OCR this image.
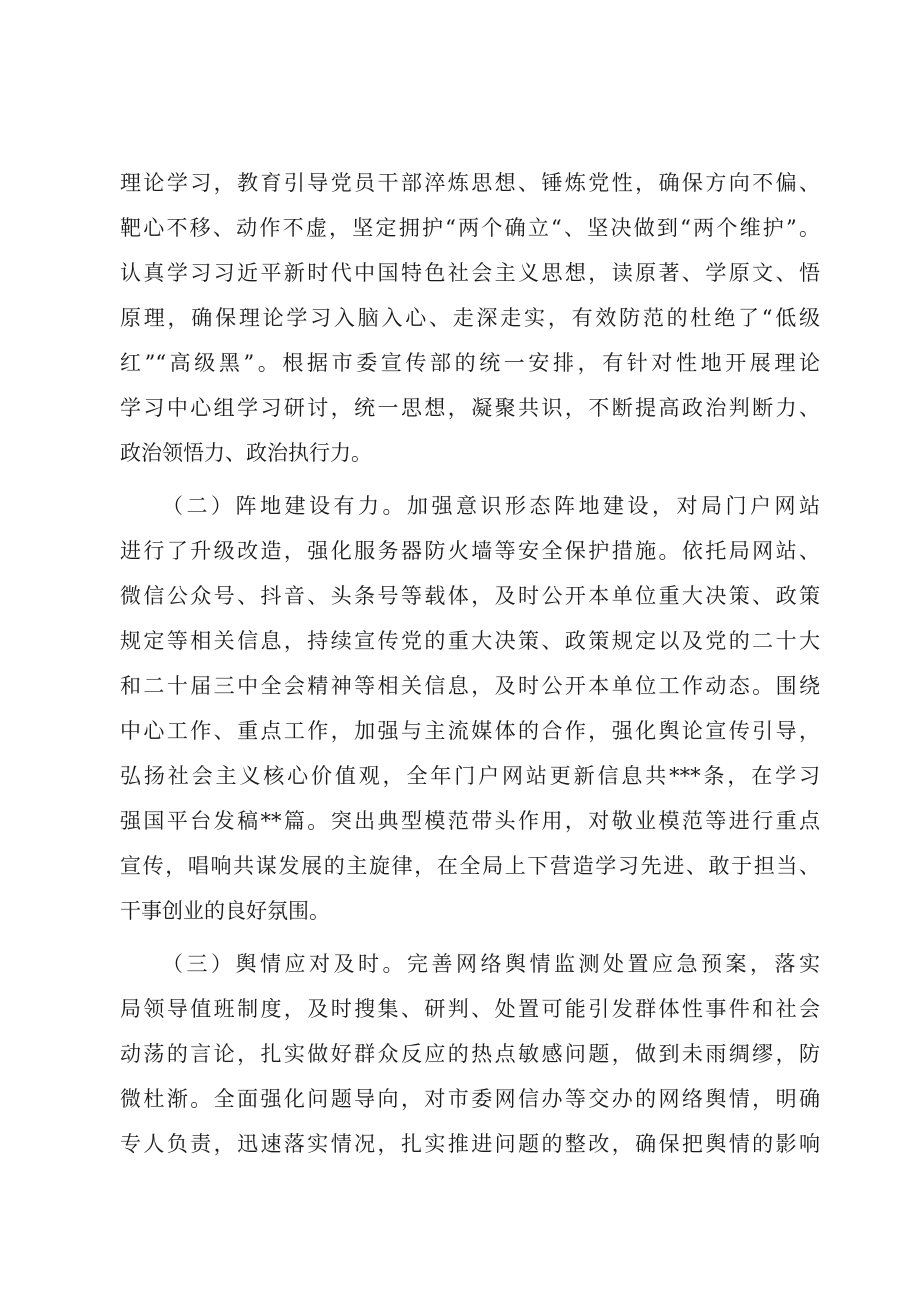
理论学习，教育引导党员干部淬炼思想、锤炼党性，确保方向不偏、
靶心不移、动作不虚，坚定拥护“两个确立“、坚决做到“两个维护”。
认真学习习近平新时代中国特色社会主义思想，读原著、学原文、悟
原理，确保理论学习入脑入心、走深走实，有效防范的杜绝了“低级
红”“高级黑”。根据市委宣传部的统一安排，有针对性地开展理论
学习中心组学习研讨，统一思想，凝聚共识，不断提高政治判断力、
政治领悟力、政治执行力。
（二）阵地建设有力。加强意识形态阵地建设，对局门户网站
进行了升级改造，强化服务器防火墙等安全保护措施。依托局网站、
微信公众号、抖音、头条号等载体，及时公开本单位重大决策、政策
规定等相关信息，持续宣传党的重大决策、政策规定以及党的二十大
和二十届三中全会精神等相关信息，及时公开本单位工作动态。围绕
中心工作、重点工作，加强与主流媒体的合作，强化舆论宣传引导，
弘扬社会主义核心价值观，全年门户网站更新信息共***条，在学习
强国平台发稿**篇。突出典型模范带头作用，对敬业模范等进行重点
宣传，唱响共谋发展的主旋律，在全局上下营造学习先进、敢于担当、
干事创业的良好氛围。
（三）舆情应对及时。完善网络舆情监测处置应急预案，落实
局领导值班制度，及时搜集、研判、处置可能引发群体性事件和社会
动荡的言论，扎实做好群众反应的热点敏感问题，做到未雨绸缪，防
微杜渐。全面强化问题导向，对市委网信办等交办的网络舆情，明确
专人负责，迅速落实情况，扎实推进问题的整改，确保把舆情的影响
